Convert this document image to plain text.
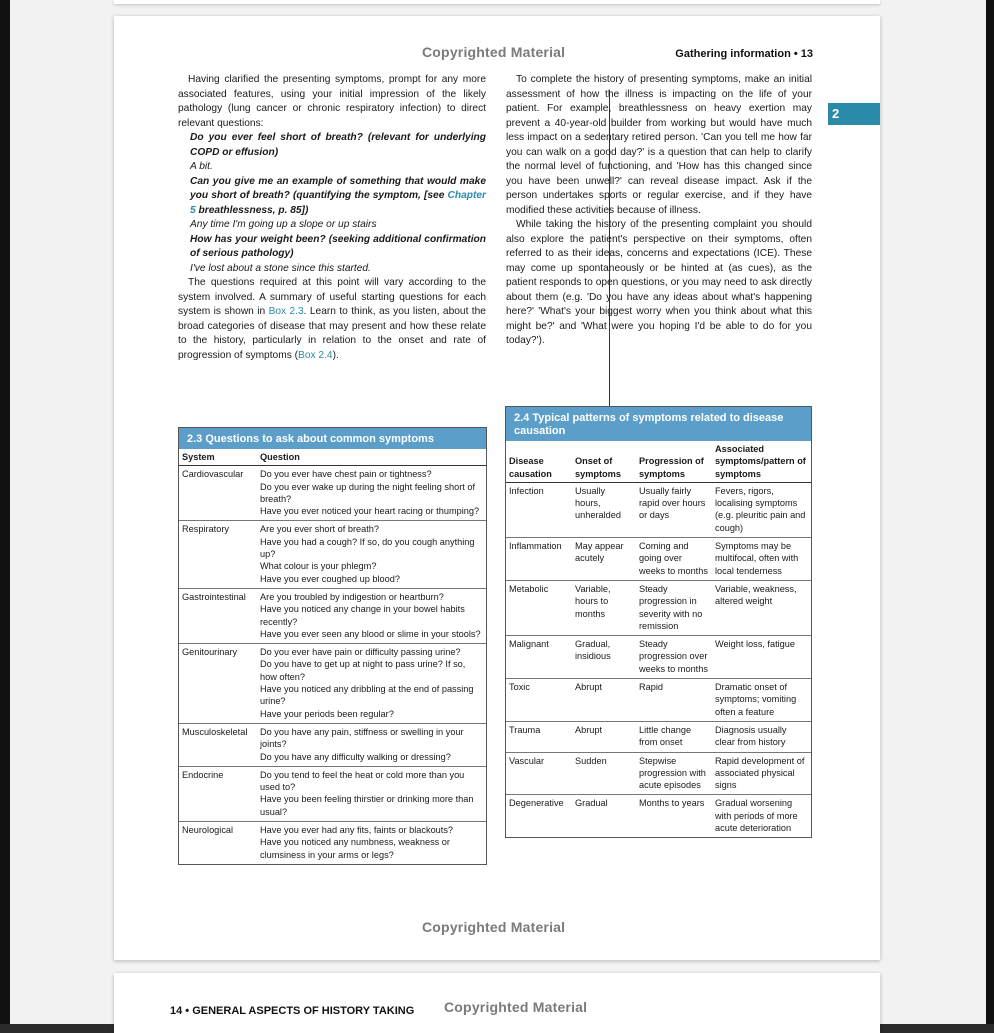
Copyrighted Material	Gathering information • 13

Having clarified the presenting symptoms, prompt for any more associated features, using your initial impression of the likely pathology (lung cancer or chronic respiratory infection) to direct relevant questions:

Do you ever feel short of breath? (relevant for underlying COPD or effusion)

A bit.

Can you give me an example of something that would make you short of breath? (quantifying the symptom, [see Chapter 5 breathlessness, p. 85])

Any time I'm going up a slope or up stairs

How has your weight been? (seeking additional confirmation of serious pathology)

I've lost about a stone since this started.

The questions required at this point will vary according to the system involved. A summary of useful starting questions for each system is shown in Box 2.3. Learn to think, as you listen, about the broad categories of disease that may present and how these relate to the history, particularly in relation to the onset and rate of progression of symptoms (Box 2.4).

To complete the history of presenting symptoms, make an initial assessment of how the illness is impacting on the life of your patient. For example, breathlessness on heavy exertion may prevent a 40-year-old builder from working but would have much less impact on a sedentary retired person. 'Can you tell me how far you can walk on a good day?' is a question that can help to clarify the normal level of functioning, and 'How has this changed since you have been unwell?' can reveal disease impact. Ask if the person undertakes sports or regular exercise, and if they have modified these activities because of illness.

While taking the history of the presenting complaint you should also explore the patient's perspective on their symptoms, often referred to as their ideas, concerns and expectations (ICE). These may come up spontaneously or be hinted at (as cues), as the patient responds to open questions, or you may need to ask directly about them (e.g. 'Do you have any ideas about what's happening here?' 'What's your biggest worry when you think about what this might be?' and 'What were you hoping I'd be able to do for you today?').

2.3 Questions to ask about common symptoms
System	Question
Cardiovascular	Do you ever have chest pain or tightness?
Do you ever wake up during the night feeling short of breath?
Have you ever noticed your heart racing or thumping?
Respiratory	Are you ever short of breath?
Have you had a cough? If so, do you cough anything up?
What colour is your phlegm?
Have you ever coughed up blood?
Gastrointestinal	Are you troubled by indigestion or heartburn?
Have you noticed any change in your bowel habits recently?
Have you ever seen any blood or slime in your stools?
Genitourinary	Do you ever have pain or difficulty passing urine?
Do you have to get up at night to pass urine? If so, how often?
Have you noticed any dribbling at the end of passing urine?
Have your periods been regular?
Musculoskeletal	Do you have any pain, stiffness or swelling in your joints?
Do you have any difficulty walking or dressing?
Endocrine	Do you tend to feel the heat or cold more than you used to?
Have you been feeling thirstier or drinking more than usual?
Neurological	Have you ever had any fits, faints or blackouts?
Have you noticed any numbness, weakness or clumsiness in your arms or legs?
2
2.4 Typical patterns of symptoms related to disease causation
Disease causation	Onset of symptoms	Progression of symptoms	Associated symptoms/pattern of symptoms
Infection	Usually hours, unheralded	Usually fairly rapid over hours or days	Fevers, rigors, localising symptoms (e.g. pleuritic pain and cough)
Inflammation	May appear acutely	Coming and going over weeks to months	Symptoms may be multifocal, often with local tenderness
Metabolic	Variable, hours to months	Steady progression in severity with no remission	Variable, weakness, altered weight
Malignant	Gradual, insidious	Steady progression over weeks to months	Weight loss, fatigue
Toxic	Abrupt	Rapid	Dramatic onset of symptoms; vomiting often a feature
Trauma	Abrupt	Little change from onset	Diagnosis usually clear from history
Vascular	Sudden	Stepwise progression with acute episodes	Rapid development of associated physical signs
Degenerative	Gradual	Months to years	Gradual worsening with periods of more acute deterioration
Copyrighted Material
Copyrighted Material
14 • GENERAL ASPECTS OF HISTORY TAKING
